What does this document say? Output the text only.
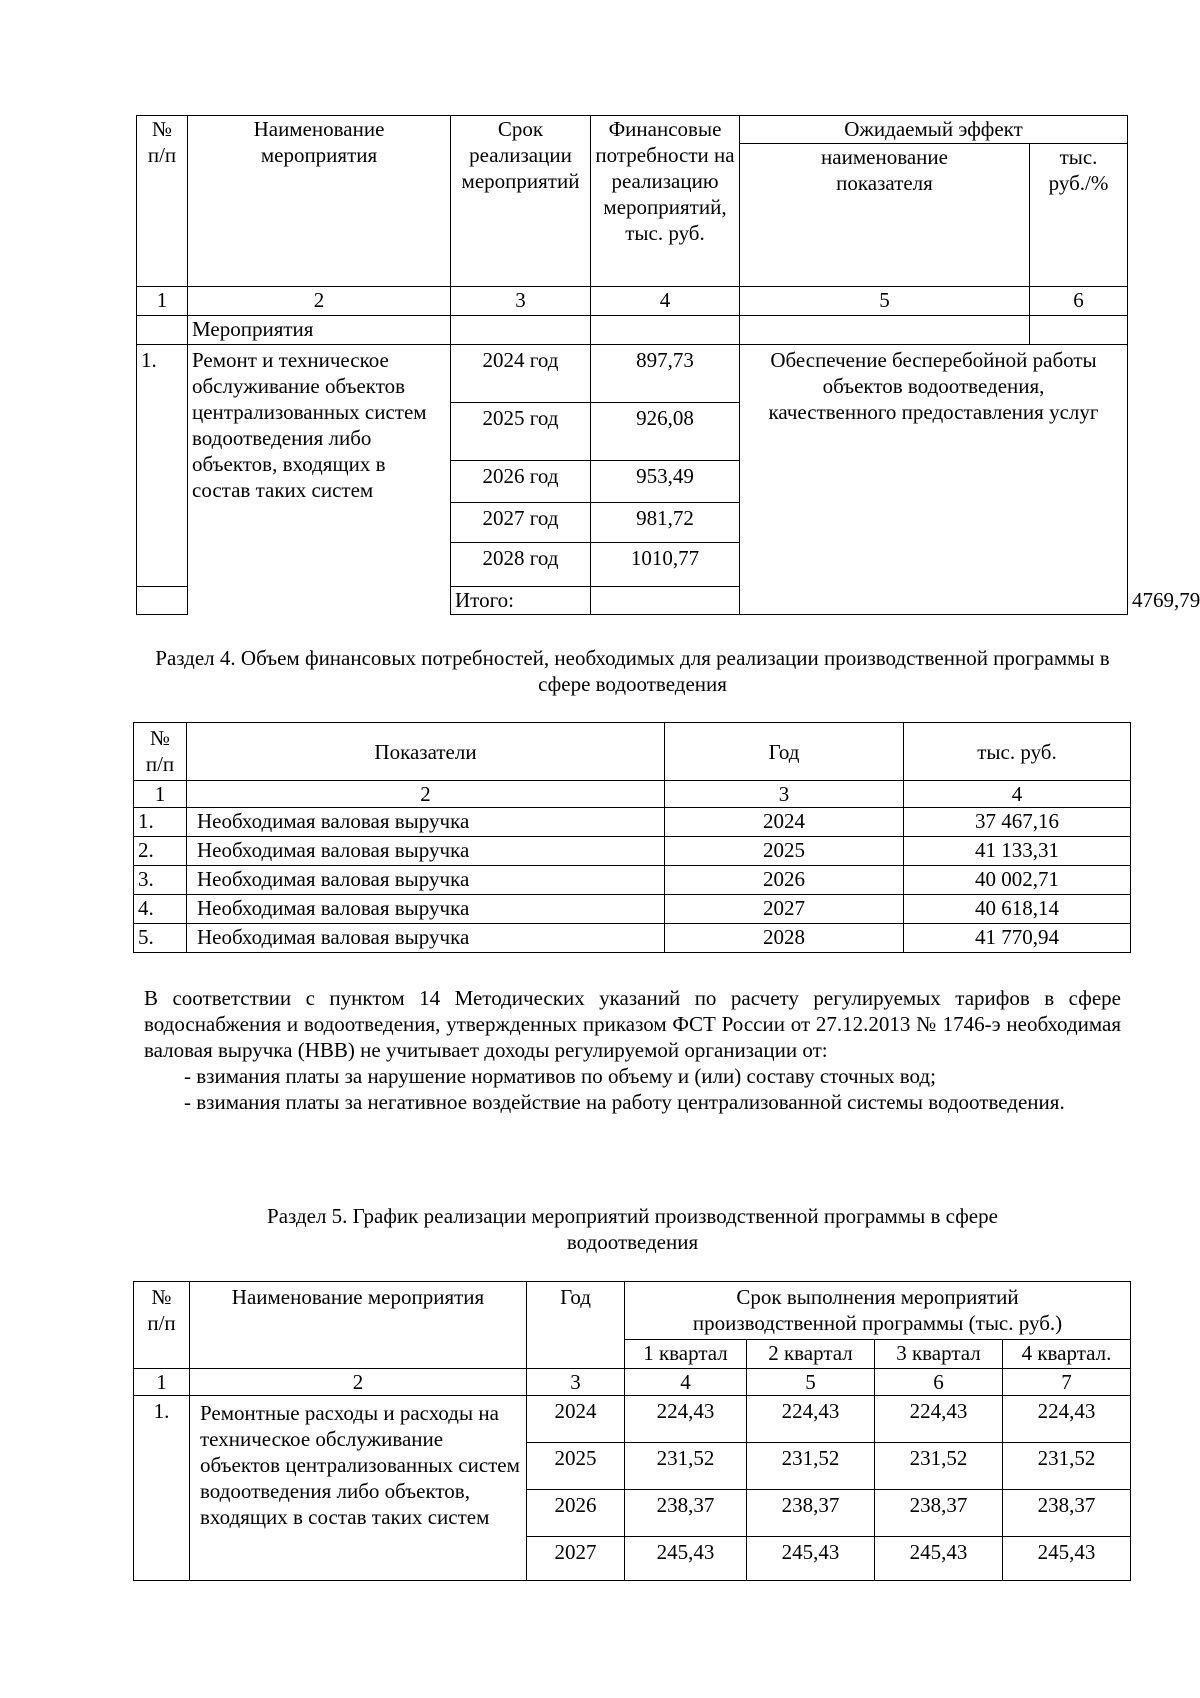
№ п/п	Наименование мероприятия	Срок реализации мероприятий	Финансовые потребности на реализацию мероприятий, тыс. руб.	Ожидаемый эффект		
				наименование показателя	тыс. руб./%	
1	2	3	4	5	6	
	Мероприятия					
1.	Ремонт и техническое обслуживание объектов централизованных систем водоотведения либо объектов, входящих в состав таких систем	2024 год	897,73	Обеспечение бесперебойной работы объектов водоотведения, качественного предоставления услуг		
		2025 год	926,08			
		2026 год	953,49			
		2027 год	981,72			
		2028 год	1010,77			
		Итого:				4769,79
Раздел 4. Объем финансовых потребностей, необходимых для реализации производственной программы в сфере водоотведения
№ п/п	Показатели	Год	тыс. руб.
1	2	3	4
1.	Необходимая валовая выручка	2024	37 467,16
2.	Необходимая валовая выручка	2025	41 133,31
3.	Необходимая валовая выручка	2026	40 002,71
4.	Необходимая валовая выручка	2027	40 618,14
5.	Необходимая валовая выручка	2028	41 770,94

В соответствии с пунктом 14 Методических указаний по расчету регулируемых тарифов в сфере водоснабжения и водоотведения, утвержденных приказом ФСТ России от 27.12.2013 № 1746-э необходимая валовая выручка (НВВ) не учитывает доходы регулируемой организации от:

- взимания платы за нарушение нормативов по объему и (или) составу сточных вод;

- взимания платы за негативное воздействие на работу централизованной системы водоотведения.

Раздел 5. График реализации мероприятий производственной программы в сфере водоотведения
№ п/п	Наименование мероприятия	Год	Срок выполнения мероприятий производственной программы (тыс. руб.)			
			1 квартал	2 квартал	3 квартал	4 квартал.
1	2	3	4	5	6	7
1.	Ремонтные расходы и расходы на техническое обслуживание объектов централизованных систем водоотведения либо объектов, входящих в состав таких систем	2024	224,43	224,43	224,43	224,43
		2025	231,52	231,52	231,52	231,52
		2026	238,37	238,37	238,37	238,37
		2027	245,43	245,43	245,43	245,43
